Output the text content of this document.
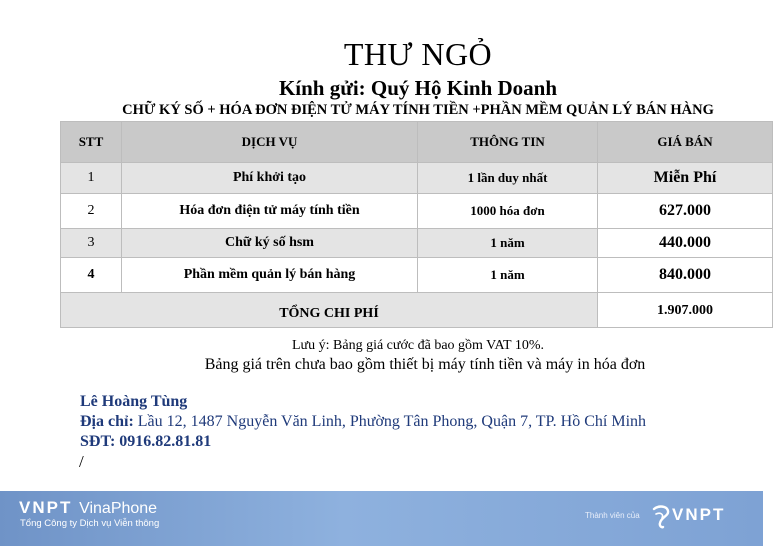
THƯ NGỎ
Kính gửi: Quý Hộ Kinh Doanh
CHỮ KÝ SỐ + HÓA ĐƠN ĐIỆN TỬ MÁY TÍNH TIỀN +PHẦN MỀM QUẢN LÝ BÁN HÀNG
STT	DỊCH VỤ	THÔNG TIN	GIÁ BÁN
1	Phí khởi tạo	1 lần duy nhất	Miễn Phí
2	Hóa đơn điện tử máy tính tiền	1000 hóa đơn	627.000
3	Chữ ký số hsm	1 năm	440.000
4	Phần mềm quản lý bán hàng	1 năm	840.000
TỔNG CHI PHÍ			1.907.000
Lưu ý: Bảng giá cước đã bao gồm VAT 10%.
Bảng giá trên chưa bao gồm thiết bị máy tính tiền và máy in hóa đơn
Lê Hoàng Tùng
Địa chỉ: Lầu 12, 1487 Nguyễn Văn Linh, Phường Tân Phong, Quận 7, TP. Hồ Chí Minh
SĐT: 0916.82.81.81
/
VNPT VinaPhone
Tổng Công ty Dịch vụ Viễn thông
Thành viên của VNPT
